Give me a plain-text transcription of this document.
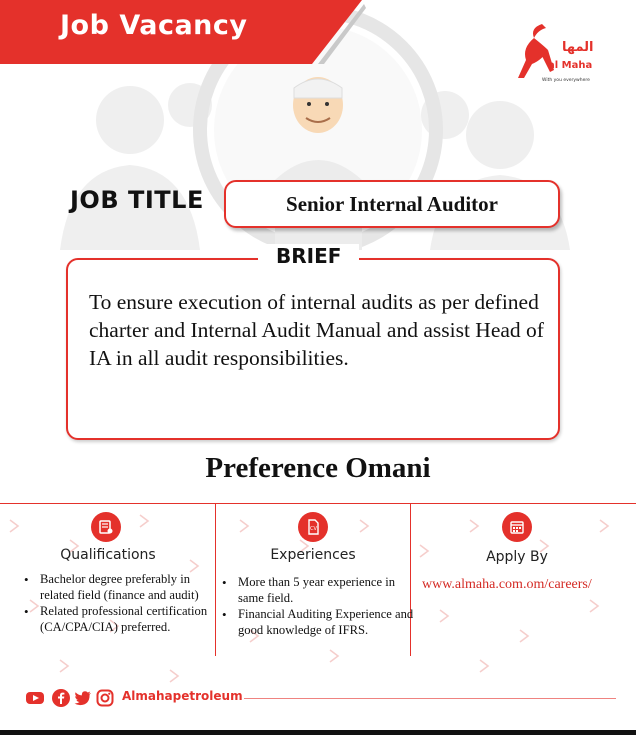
Job Vacancy
المها
al Maha
With you everywhere
JOB TITLE	Senior Internal Auditor
BRIEF
To ensure execution of internal audits as per defined charter and Internal Audit Manual and assist Head of IA in all audit responsibilities.
Preference Omani
Qualifications
• Bachelor degree preferably in related field (finance and audit)
• Related professional certification (CA/CPA/CIA) preferred.
CV
Experiences
• More than 5 year experience in same field.
• Financial Auditing Experience and good knowledge of IFRS.
Apply By
www.almaha.com.om/careers/
Almahapetroleum
